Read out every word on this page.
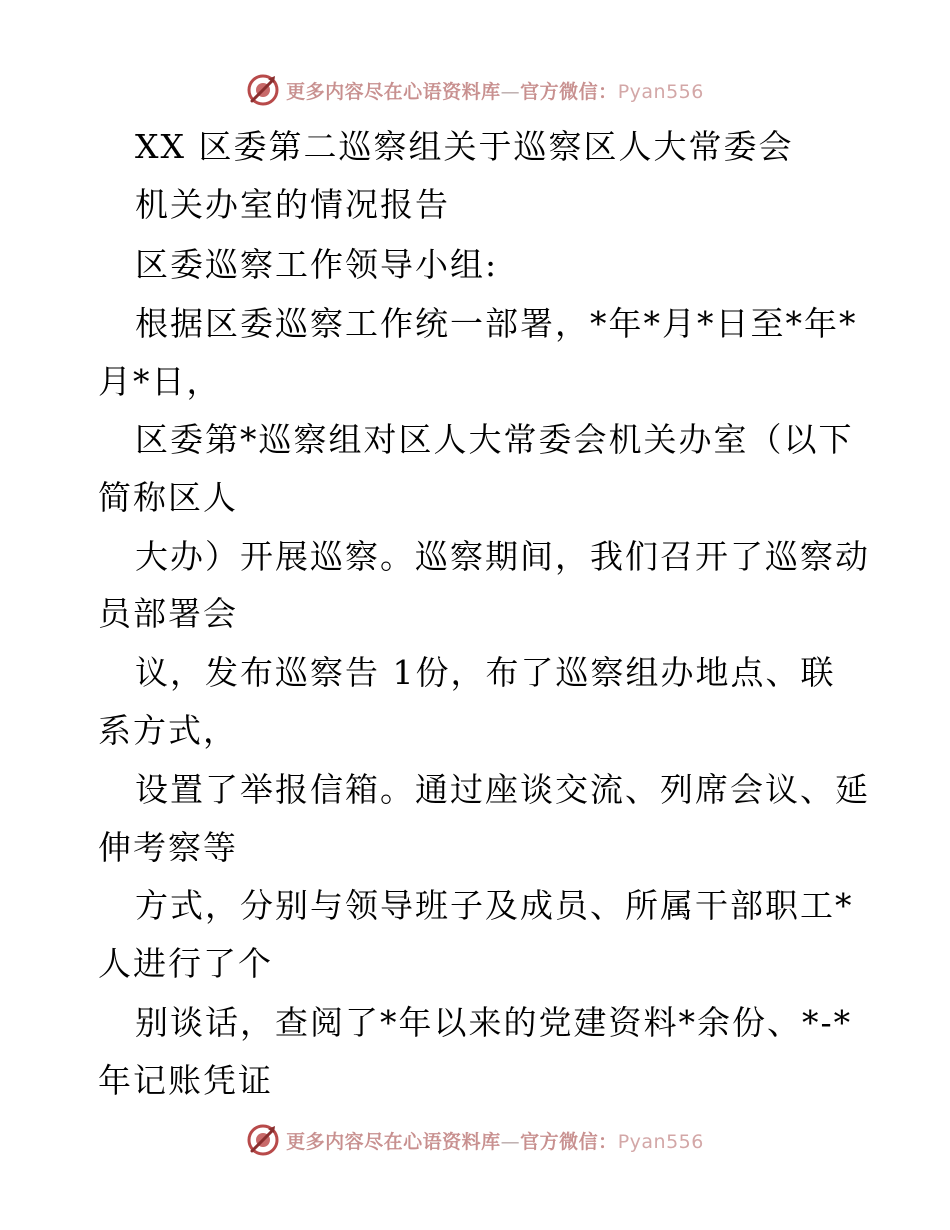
更多内容尽在心语资料库—官方微信：Pyan556
XX 区委第二巡察组关于巡察区人大常委会
机关办室的情况报告
区委巡察工作领导小组:
根据区委巡察工作统一部署，*年*月*日至*年*
月*日，
区委第*巡察组对区人大常委会机关办室（以下
简称区人
大办）开展巡察。巡察期间，我们召开了巡察动
员部署会
议，发布巡察告 1份，布了巡察组办地点、联
系方式，
设置了举报信箱。通过座谈交流、列席会议、延
伸考察等
方式，分别与领导班子及成员、所属干部职工*
人进行了个
别谈话，查阅了*年以来的党建资料*余份、*-*
年记账凭证
更多内容尽在心语资料库—官方微信：Pyan556
